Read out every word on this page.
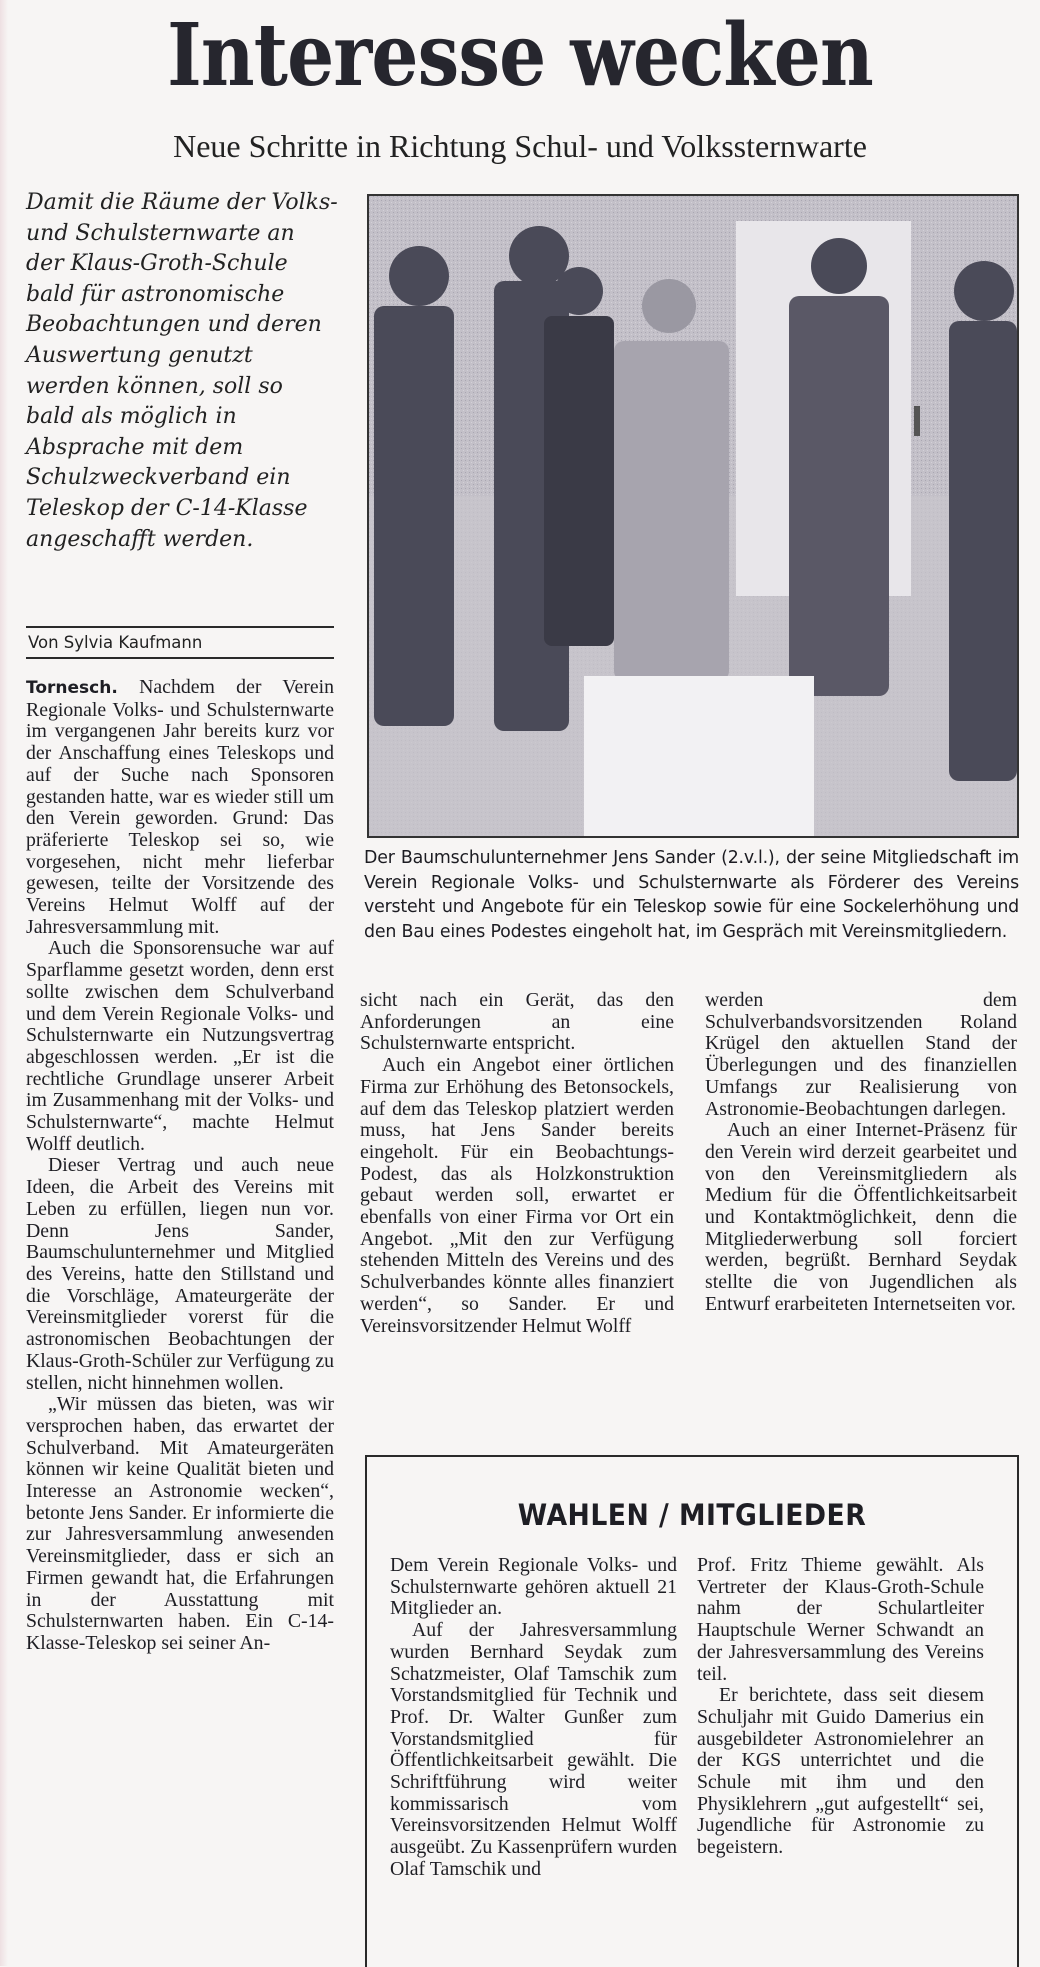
Interesse wecken
Neue Schritte in Richtung Schul- und Volkssternwarte
Damit die Räume der Volks- und Schulsternwarte an der Klaus-Groth-Schule bald für astronomische Beobachtungen und deren Auswertung genutzt werden können, soll so bald als möglich in Absprache mit dem Schulzweckverband ein Teleskop der C-14-Klasse angeschafft werden.
Von Sylvia Kaufmann

Tornesch. Nachdem der Verein Regionale Volks- und Schulsternwarte im vergangenen Jahr bereits kurz vor der Anschaffung eines Teleskops und auf der Suche nach Sponsoren gestanden hatte, war es wieder still um den Verein geworden. Grund: Das präferierte Teleskop sei so, wie vorgesehen, nicht mehr lieferbar gewesen, teilte der Vorsitzende des Vereins Helmut Wolff auf der Jahresversammlung mit.

Auch die Sponsorensuche war auf Sparflamme gesetzt worden, denn erst sollte zwischen dem Schulverband und dem Verein Regionale Volks- und Schulsternwarte ein Nutzungsvertrag abgeschlossen werden. „Er ist die rechtliche Grundlage unserer Arbeit im Zusammenhang mit der Volks- und Schulsternwarte“, machte Helmut Wolff deutlich.

Dieser Vertrag und auch neue Ideen, die Arbeit des Vereins mit Leben zu erfüllen, liegen nun vor. Denn Jens Sander, Baumschulunternehmer und Mitglied des Vereins, hatte den Stillstand und die Vorschläge, Amateurgeräte der Vereinsmitglieder vorerst für die astronomischen Beobachtungen der Klaus-Groth-Schüler zur Verfügung zu stellen, nicht hinnehmen wollen.

„Wir müssen das bieten, was wir versprochen haben, das erwartet der Schulverband. Mit Amateurgeräten können wir keine Qualität bieten und Interesse an Astronomie wecken“, betonte Jens Sander. Er informierte die zur Jahresversammlung anwesenden Vereinsmitglieder, dass er sich an Firmen gewandt hat, die Erfahrungen in der Ausstattung mit Schulsternwarten haben. Ein C-14-Klasse-Teleskop sei seiner An-

Der Baumschulunternehmer Jens Sander (2.v.l.), der seine Mitgliedschaft im Verein Regionale Volks- und Schulsternwarte als Förderer des Vereins versteht und Angebote für ein Teleskop sowie für eine Sockelerhöhung und den Bau eines Podestes eingeholt hat, im Gespräch mit Vereinsmitgliedern.

sicht nach ein Gerät, das den Anforderungen an eine Schulsternwarte entspricht.

Auch ein Angebot einer örtlichen Firma zur Erhöhung des Betonsockels, auf dem das Teleskop platziert werden muss, hat Jens Sander bereits eingeholt. Für ein Beobachtungs-Podest, das als Holzkonstruktion gebaut werden soll, erwartet er ebenfalls von einer Firma vor Ort ein Angebot. „Mit den zur Verfügung stehenden Mitteln des Vereins und des Schulverbandes könnte alles finanziert werden“, so Sander. Er und Vereinsvorsitzender Helmut Wolff

werden dem Schulverbandsvorsitzenden Roland Krügel den aktuellen Stand der Überlegungen und des finanziellen Umfangs zur Realisierung von Astronomie-Beobachtungen darlegen.

Auch an einer Internet-Präsenz für den Verein wird derzeit gearbeitet und von den Vereinsmitgliedern als Medium für die Öffentlichkeitsarbeit und Kontaktmöglichkeit, denn die Mitgliederwerbung soll forciert werden, begrüßt. Bernhard Seydak stellte die von Jugendlichen als Entwurf erarbeiteten Internetseiten vor.

WAHLEN / MITGLIEDER

Dem Verein Regionale Volks- und Schulsternwarte gehören aktuell 21 Mitglieder an.

Auf der Jahresversammlung wurden Bernhard Seydak zum Schatzmeister, Olaf Tamschik zum Vorstandsmitglied für Technik und Prof. Dr. Walter Gunßer zum Vorstandsmitglied für Öffentlichkeitsarbeit gewählt. Die Schriftführung wird weiter kommissarisch vom Vereinsvorsitzenden Helmut Wolff ausgeübt. Zu Kassenprüfern wurden Olaf Tamschik und

Prof. Fritz Thieme gewählt. Als Vertreter der Klaus-Groth-Schule nahm der Schulartleiter Hauptschule Werner Schwandt an der Jahresversammlung des Vereins teil.

Er berichtete, dass seit diesem Schuljahr mit Guido Damerius ein ausgebildeter Astronomielehrer an der KGS unterrichtet und die Schule mit ihm und den Physiklehrern „gut aufgestellt“ sei, Jugendliche für Astronomie zu begeistern.
